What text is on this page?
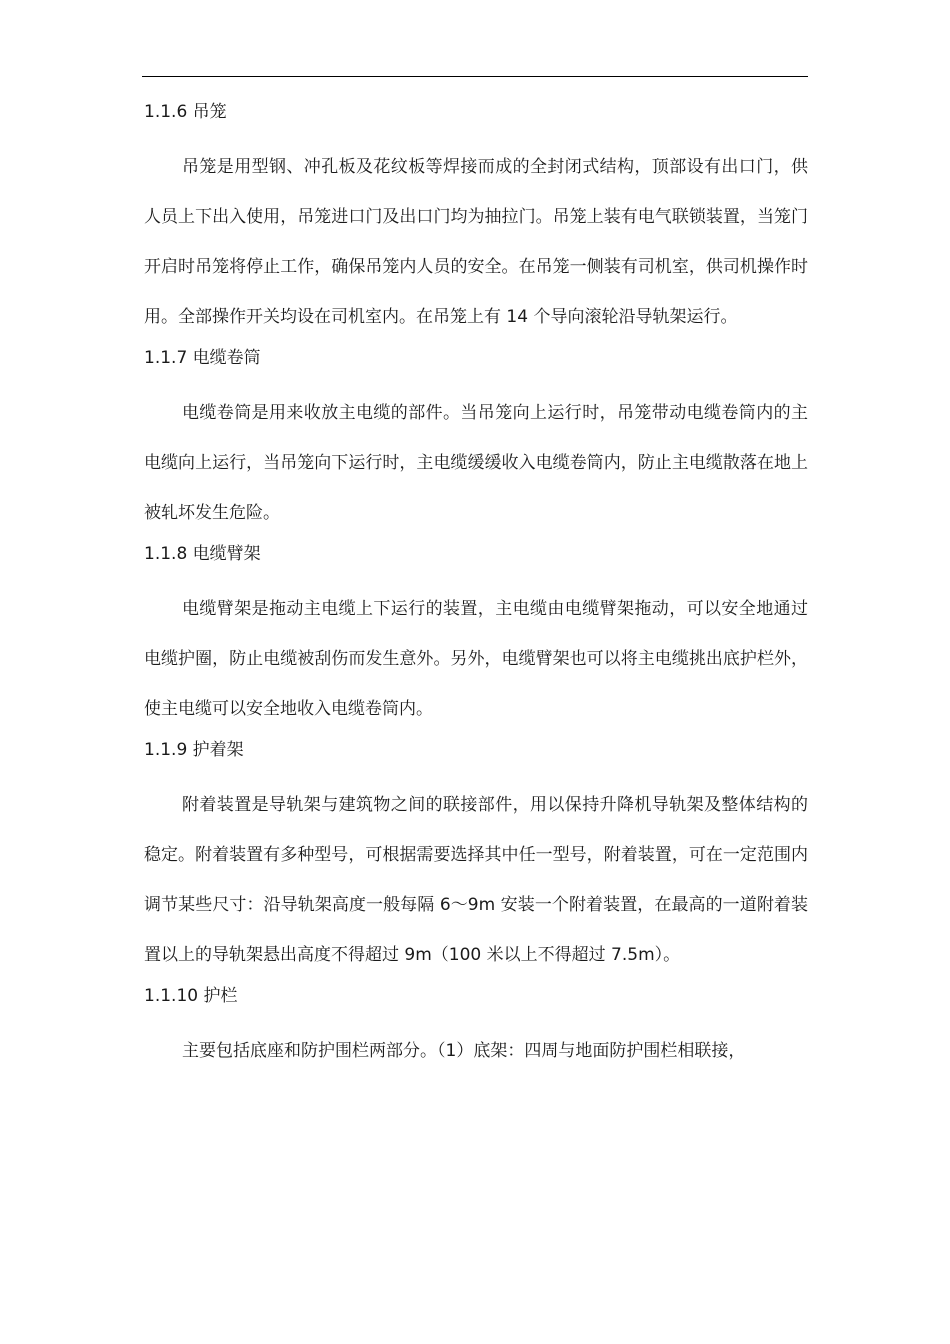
1.1.6 吊笼

吊笼是用型钢、冲孔板及花纹板等焊接而成的全封闭式结构，顶部设有出口门，供人员上下出入使用，吊笼进口门及出口门均为抽拉门。吊笼上装有电气联锁装置，当笼门开启时吊笼将停止工作，确保吊笼内人员的安全。在吊笼一侧装有司机室，供司机操作时用。全部操作开关均设在司机室内。在吊笼上有 14 个导向滚轮沿导轨架运行。

1.1.7 电缆卷筒

电缆卷筒是用来收放主电缆的部件。当吊笼向上运行时，吊笼带动电缆卷筒内的主电缆向上运行，当吊笼向下运行时，主电缆缓缓收入电缆卷筒内，防止主电缆散落在地上被轧坏发生危险。

1.1.8 电缆臂架

电缆臂架是拖动主电缆上下运行的装置，主电缆由电缆臂架拖动，可以安全地通过电缆护圈，防止电缆被刮伤而发生意外。另外，电缆臂架也可以将主电缆挑出底护栏外，使主电缆可以安全地收入电缆卷筒内。

1.1.9 护着架

附着装置是导轨架与建筑物之间的联接部件，用以保持升降机导轨架及整体结构的稳定。附着装置有多种型号，可根据需要选择其中任一型号，附着装置，可在一定范围内调节某些尺寸：沿导轨架高度一般每隔 6～9m 安装一个附着装置，在最高的一道附着装置以上的导轨架悬出高度不得超过 9m（100 米以上不得超过 7.5m）。

1.1.10 护栏

主要包括底座和防护围栏两部分。（1）底架：四周与地面防护围栏相联接，
